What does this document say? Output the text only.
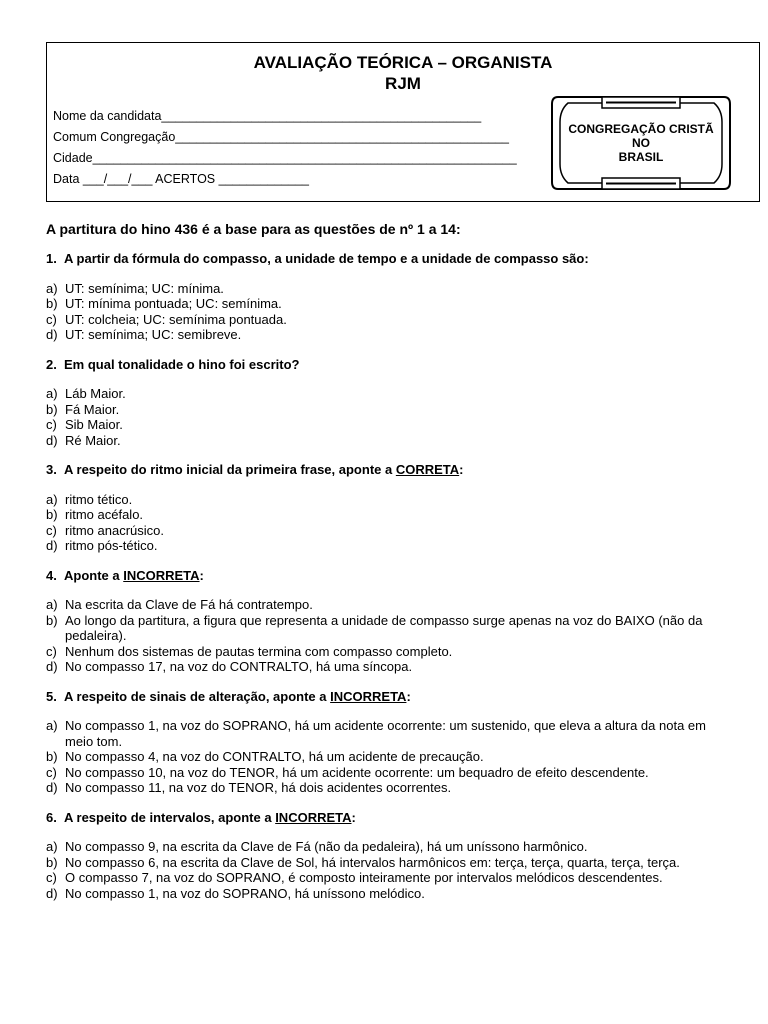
AVALIAÇÃO TEÓRICA – ORGANISTA
RJM
Nome da candidata______________________________________________
Comum Congregação________________________________________________
Cidade_____________________________________________________________
Data ___/___/___ ACERTOS _____________
CONGREGAÇÃO CRISTÃ
NO
BRASIL

A partitura do hino 436 é a base para as questões de nº 1 a 14:

1. A partir da fórmula do compasso, a unidade de tempo e a unidade de compasso são:

a) UT: semínima; UC: mínima.
b) UT: mínima pontuada; UC: semínima.
c) UT: colcheia; UC: semínima pontuada.
d) UT: semínima; UC: semibreve.

2. Em qual tonalidade o hino foi escrito?

a) Láb Maior.
b) Fá Maior.
c) Sib Maior.
d) Ré Maior.

3. A respeito do ritmo inicial da primeira frase, aponte a CORRETA:

a) ritmo tético.
b) ritmo acéfalo.
c) ritmo anacrúsico.
d) ritmo pós-tético.

4. Aponte a INCORRETA:

a) Na escrita da Clave de Fá há contratempo.
b) Ao longo da partitura, a figura que representa a unidade de compasso surge apenas na voz do BAIXO (não da pedaleira).
c) Nenhum dos sistemas de pautas termina com compasso completo.
d) No compasso 17, na voz do CONTRALTO, há uma síncopa.

5. A respeito de sinais de alteração, aponte a INCORRETA:

a) No compasso 1, na voz do SOPRANO, há um acidente ocorrente: um sustenido, que eleva a altura da nota em meio tom.
b) No compasso 4, na voz do CONTRALTO, há um acidente de precaução.
c) No compasso 10, na voz do TENOR, há um acidente ocorrente: um bequadro de efeito descendente.
d) No compasso 11, na voz do TENOR, há dois acidentes ocorrentes.

6. A respeito de intervalos, aponte a INCORRETA:

a) No compasso 9, na escrita da Clave de Fá (não da pedaleira), há um uníssono harmônico.
b) No compasso 6, na escrita da Clave de Sol, há intervalos harmônicos em: terça, terça, quarta, terça, terça.
c) O compasso 7, na voz do SOPRANO, é composto inteiramente por intervalos melódicos descendentes.
d) No compasso 1, na voz do SOPRANO, há uníssono melódico.
